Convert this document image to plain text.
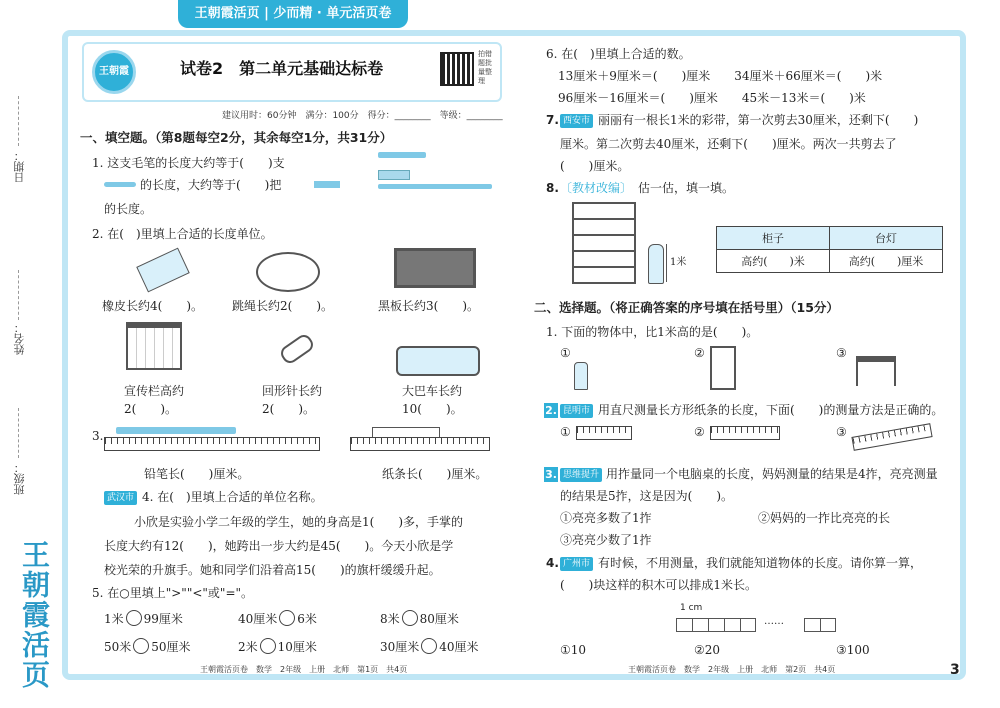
王朝霞活页 | 少而精 · 单元活页卷
日期：
姓名：
班级：
王朝霞活页
王朝霞	试卷2　第二单元基础达标卷
拍错题批量整理
建议用时：60分钟　满分：100分　得分：________　等级：________
一、填空题。（第8题每空2分，其余每空1分，共31分）
1. 这支毛笔的长度大约等于(　　)支
的长度，大约等于(　　)把
的长度。
2. 在(　)里填上合适的长度单位。
橡皮长约4(　　)。 跳绳长约2(　　)。	黑板长约3(　　)。
宣传栏高约	回形针长约	大巴车长约
2(　　)。	2(　　)。	10(　　)。
3.
铅笔长(　　)厘米。	纸条长(　　)厘米。
武汉市 4. 在(　)里填上合适的单位名称。
小欣是实验小学二年级的学生，她的身高是1(　　)多，手掌的
长度大约有12(　　)，她跨出一步大约是45(　　)。今天小欣是学
校光荣的升旗手。她和同学们沿着高15(　　)的旗杆缓缓升起。
5. 在○里填上">""<"或"="。
1米 99厘米	40厘米 6米	8米 80厘米
50米 50厘米	2米 10厘米	30厘米 40厘米
王朝霞活页卷　数学　2年级　上册　北师　第1页　共4页
6. 在(　)里填上合适的数。
13厘米＋9厘米＝(　　)厘米　　34厘米＋66厘米＝(　　)米
96厘米－16厘米＝(　　)厘米　　45米－13米＝(　　)米
7. 西安市 丽丽有一根长1米的彩带，第一次剪去30厘米，还剩下(　　)
厘米。第二次剪去40厘米，还剩下(　　)厘米。两次一共剪去了
(　　)厘米。
8. 〔教材改编〕 估一估，填一填。
1米
柜子	台灯
高约(　　)米	高约(　　)厘米
二、选择题。（将正确答案的序号填在括号里）（15分）
1. 下面的物体中，比1米高的是(　　)。
①	②	③
2. 昆明市 用直尺测量长方形纸条的长度，下面(　　)的测量方法是正确的。
①	②	③
3. 思维提升 用拃量同一个电脑桌的长度，妈妈测量的结果是4拃，亮亮测量
的结果是5拃，这是因为(　　)。
①亮亮多数了1拃	②妈妈的一拃比亮亮的长
③亮亮少数了1拃
4. 广州市 有时候，不用测量，我们就能知道物体的长度。请你算一算，
(　　)块这样的积木可以排成1米长。
1 cm
……
①10	②20	③100
王朝霞活页卷　数学　2年级　上册　北师　第2页　共4页	3
